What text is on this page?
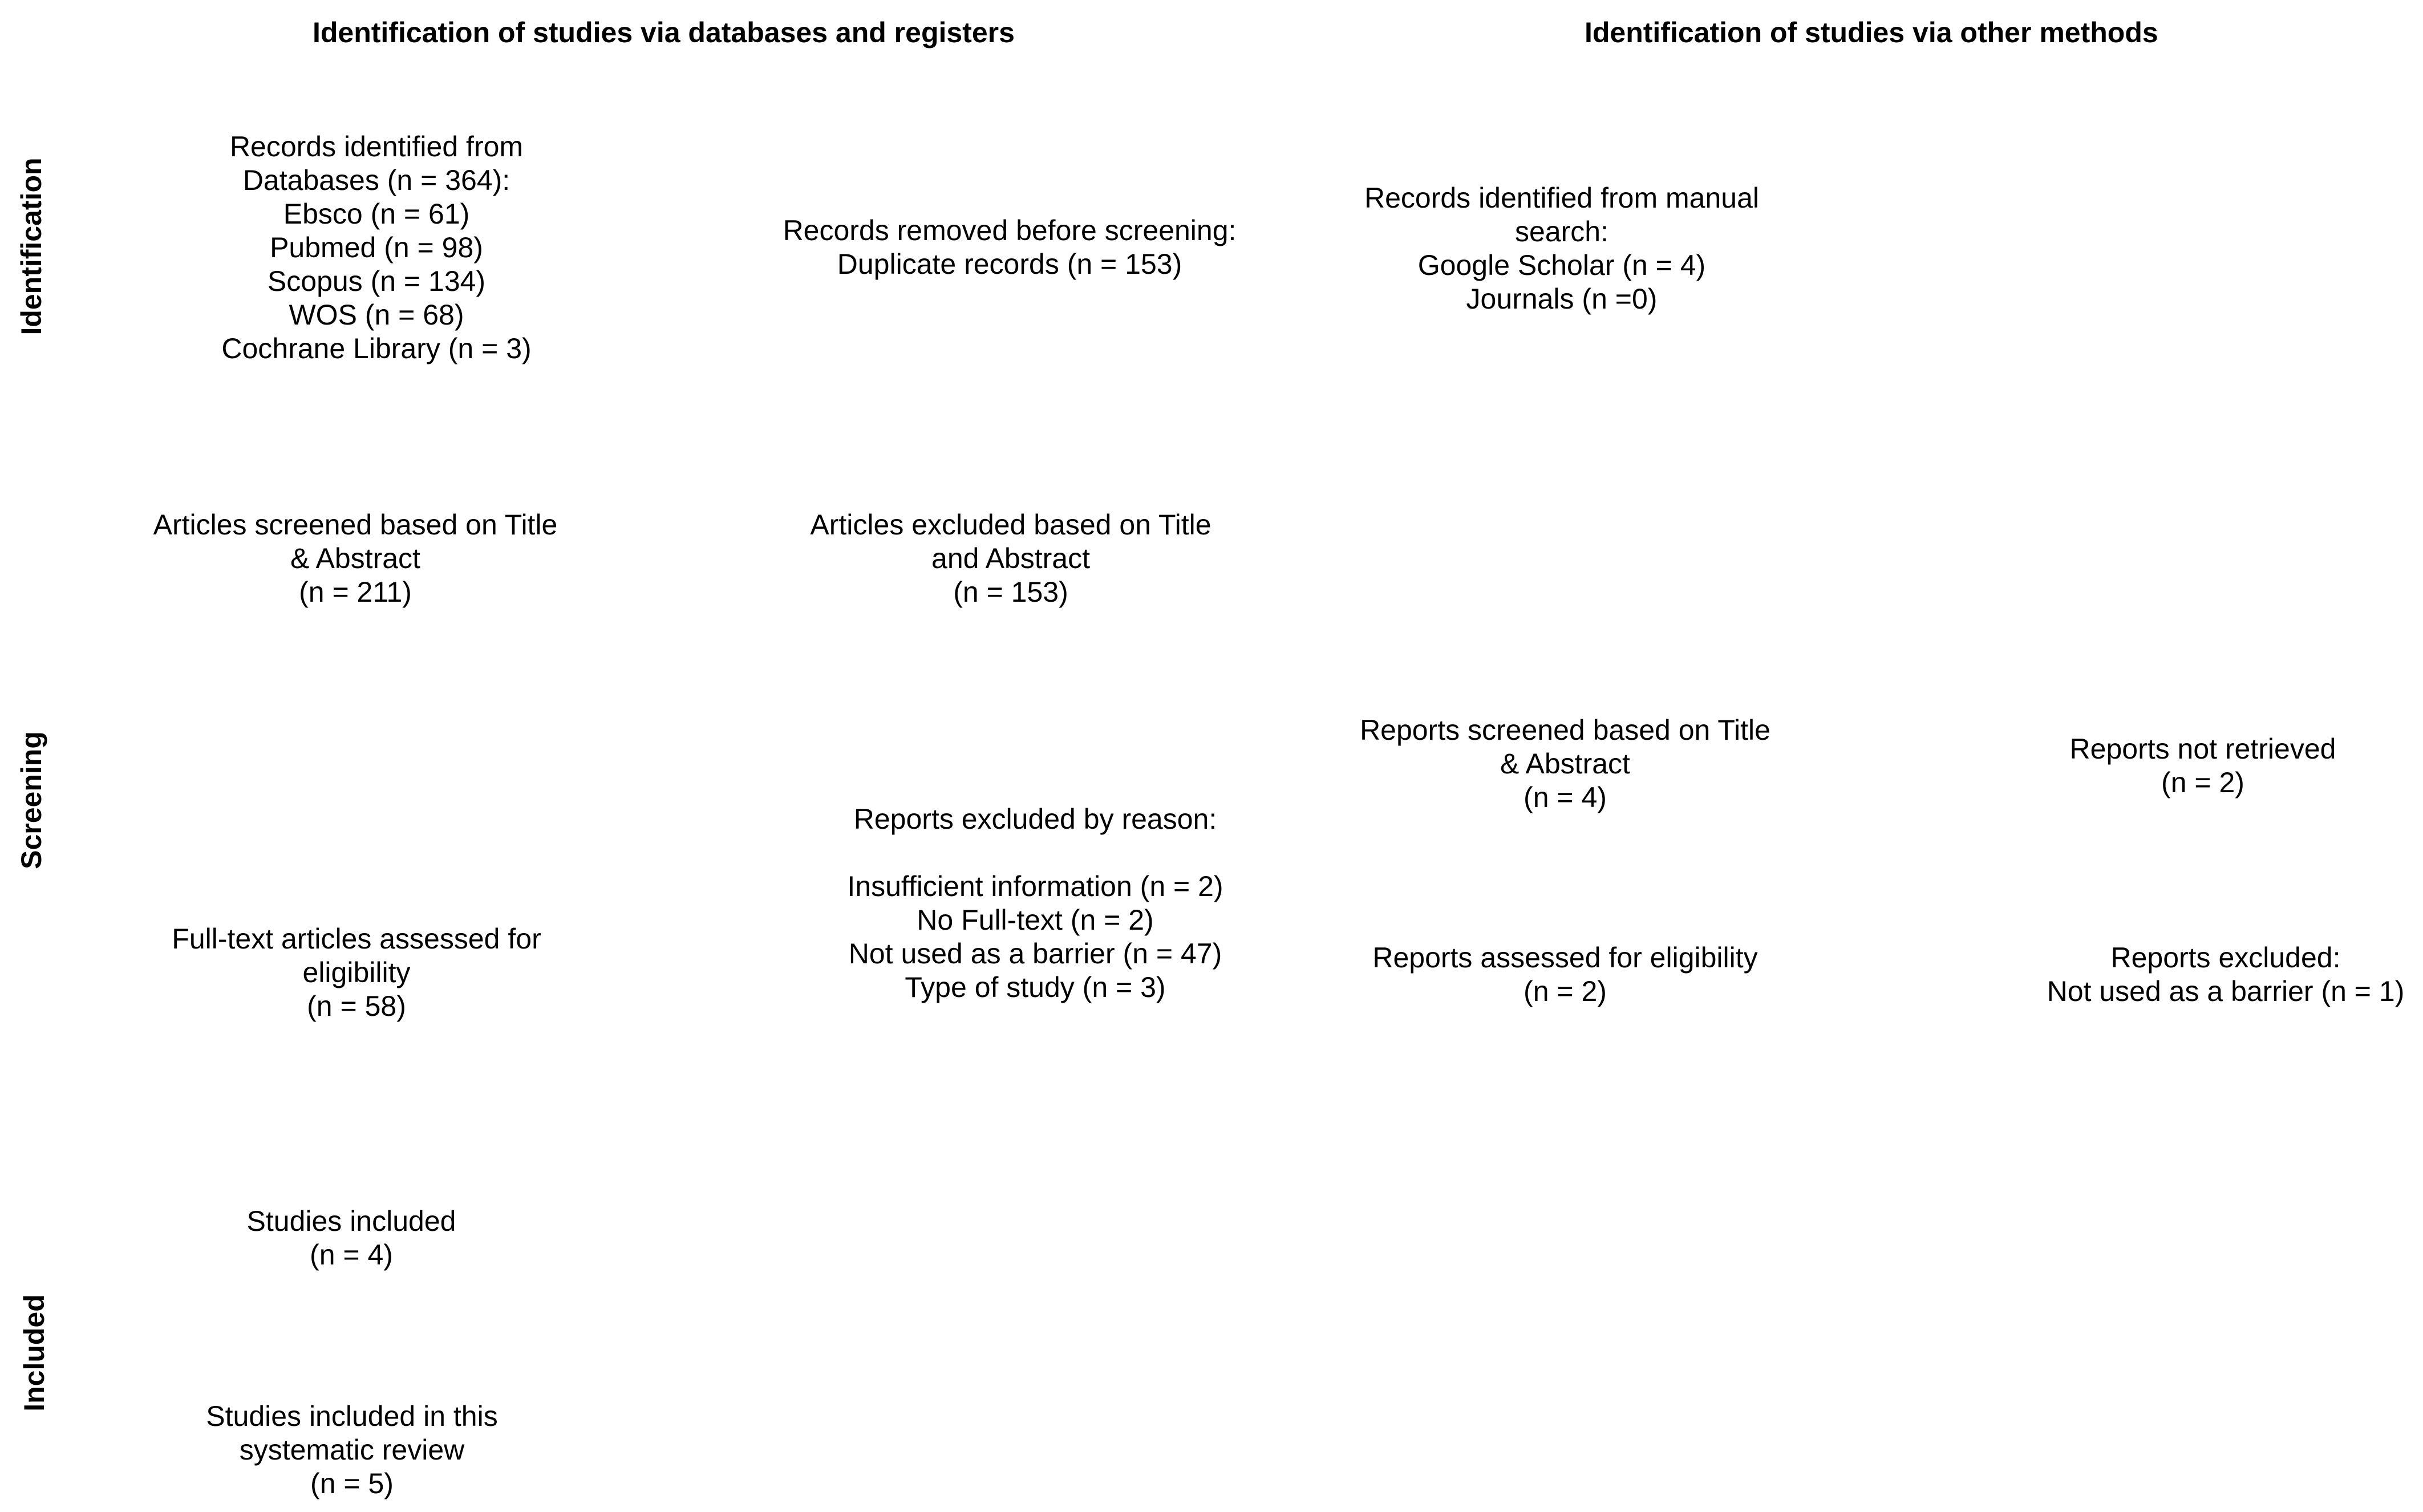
Identification of studies via databases and registers	Identification of studies via other methods
Identification
Screening
Included
Records identified from
Databases (n = 364):
Ebsco (n = 61)
Pubmed (n = 98)
Scopus (n = 134)
WOS (n = 68)
Cochrane Library (n = 3)
Records removed before screening:
Duplicate records (n = 153)
Records identified from manual
search:
Google Scholar (n = 4)
Journals (n =0)
Articles screened based on Title
& Abstract
(n = 211)
Articles excluded based on Title
and Abstract
(n = 153)
Reports screened based on Title
& Abstract
(n = 4)
Reports not retrieved
(n = 2)
Reports excluded by reason:
Insufficient information (n = 2)
No Full-text (n = 2)
Not used as a barrier (n = 47)
Type of study (n = 3)
Full-text articles assessed for
eligibility
(n = 58)
Reports assessed for eligibility
(n = 2)
Reports excluded:
Not used as a barrier (n = 1)
Studies included
(n = 4)
Studies included in this
systematic review
(n = 5)
